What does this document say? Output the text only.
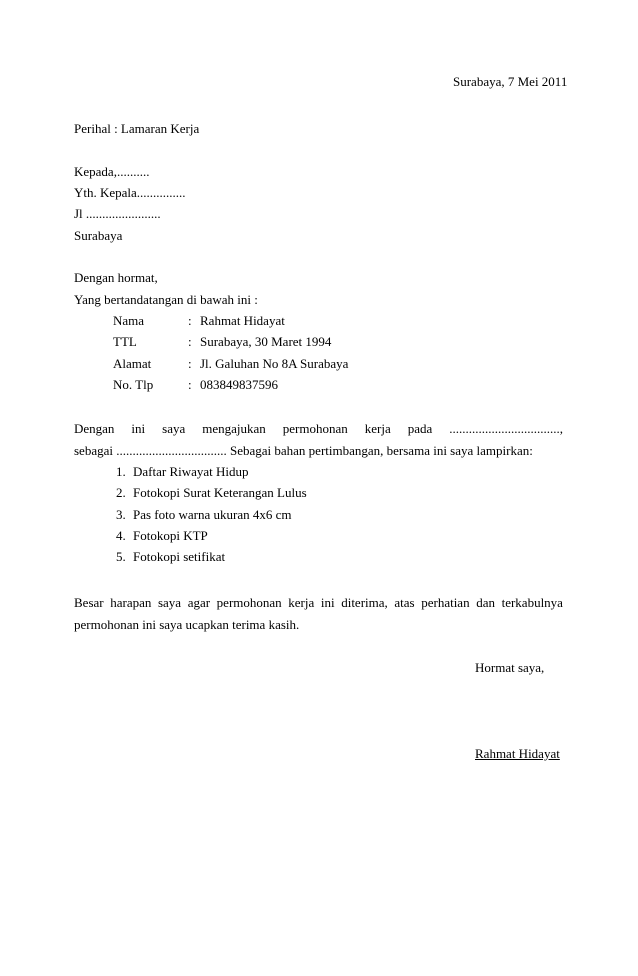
Surabaya, 7 Mei 2011
Perihal : Lamaran Kerja
Kepada,..........
Yth. Kepala...............
Jl .......................
Surabaya
Dengan hormat,
Yang bertandatangan di bawah ini :
Nama	: Rahmat Hidayat
TTL	: Surabaya, 30 Maret 1994
Alamat	: Jl. Galuhan No 8A Surabaya
No. Tlp	: 083849837596
Dengan ini saya mengajukan permohonan kerja pada ..................................,
sebagai .................................. Sebagai bahan pertimbangan, bersama ini saya lampirkan:
1. Daftar Riwayat Hidup
2. Fotokopi Surat Keterangan Lulus
3. Pas foto warna ukuran 4x6 cm
4. Fotokopi KTP
5. Fotokopi setifikat
Besar harapan saya agar permohonan kerja ini diterima, atas perhatian dan terkabulnya
permohonan ini saya ucapkan terima kasih.
Hormat saya,
Rahmat Hidayat
